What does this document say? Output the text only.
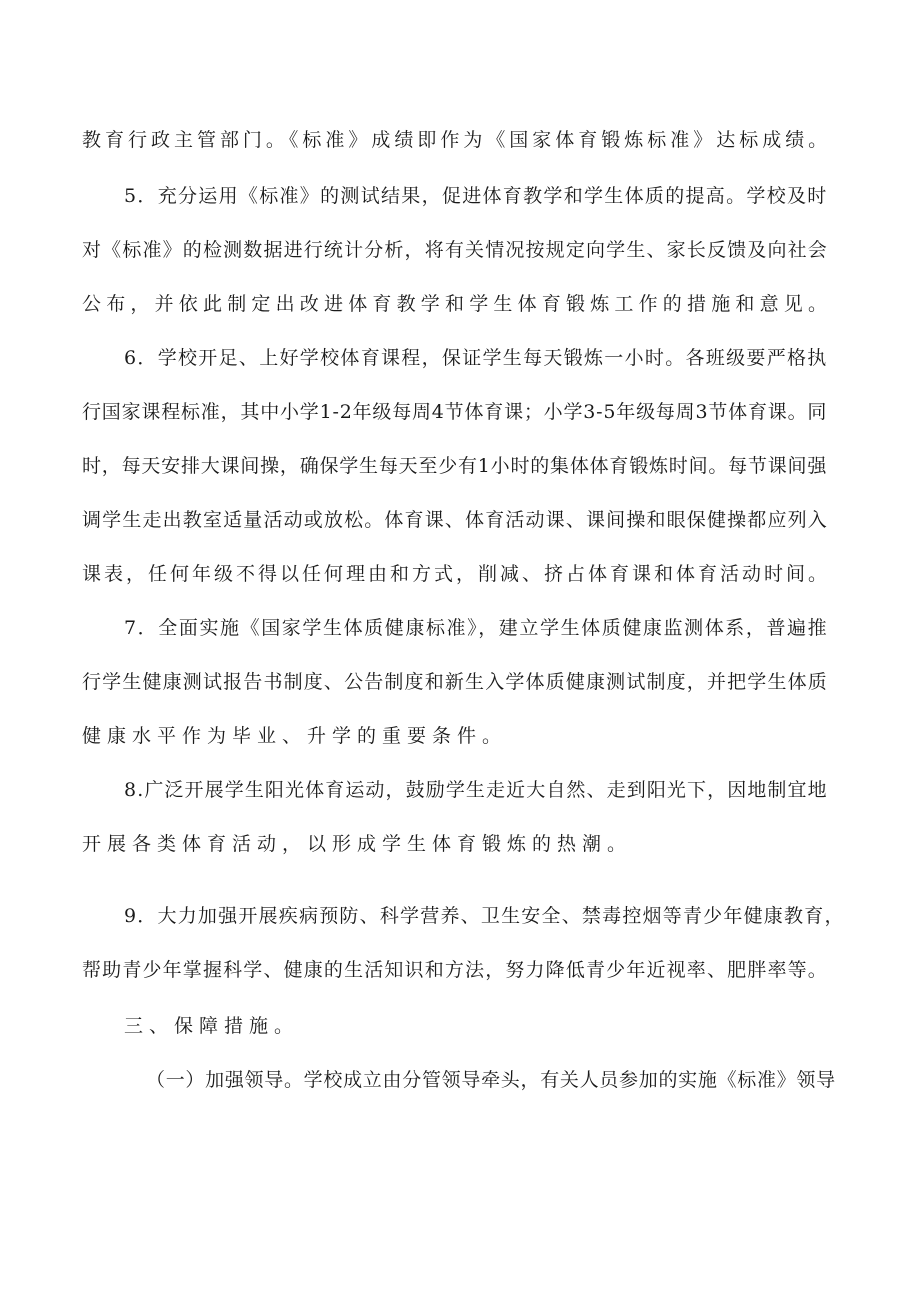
教育行政主管部门。《标准》成绩即作为《国家体育锻炼标准》达标成绩。
5．充分运用《标准》的测试结果，促进体育教学和学生体质的提高。学校及时
对《标准》的检测数据进行统计分析，将有关情况按规定向学生、家长反馈及向社会
公布，并依此制定出改进体育教学和学生体育锻炼工作的措施和意见。
6．学校开足、上好学校体育课程，保证学生每天锻炼一小时。各班级要严格执
行国家课程标准，其中小学1-2年级每周4节体育课；小学3-5年级每周3节体育课。同
时，每天安排大课间操，确保学生每天至少有1小时的集体体育锻炼时间。每节课间强
调学生走出教室适量活动或放松。体育课、体育活动课、课间操和眼保健操都应列入
课表，任何年级不得以任何理由和方式，削减、挤占体育课和体育活动时间。
7．全面实施《国家学生体质健康标准》，建立学生体质健康监测体系，普遍推
行学生健康测试报告书制度、公告制度和新生入学体质健康测试制度，并把学生体质
健康水平作为毕业、升学的重要条件。
8.广泛开展学生阳光体育运动，鼓励学生走近大自然、走到阳光下，因地制宜地
开展各类体育活动，以形成学生体育锻炼的热潮。
9．大力加强开展疾病预防、科学营养、卫生安全、禁毒控烟等青少年健康教育，
帮助青少年掌握科学、健康的生活知识和方法，努力降低青少年近视率、肥胖率等。
三、保障措施。
（一）加强领导。学校成立由分管领导牵头，有关人员参加的实施《标准》领导
